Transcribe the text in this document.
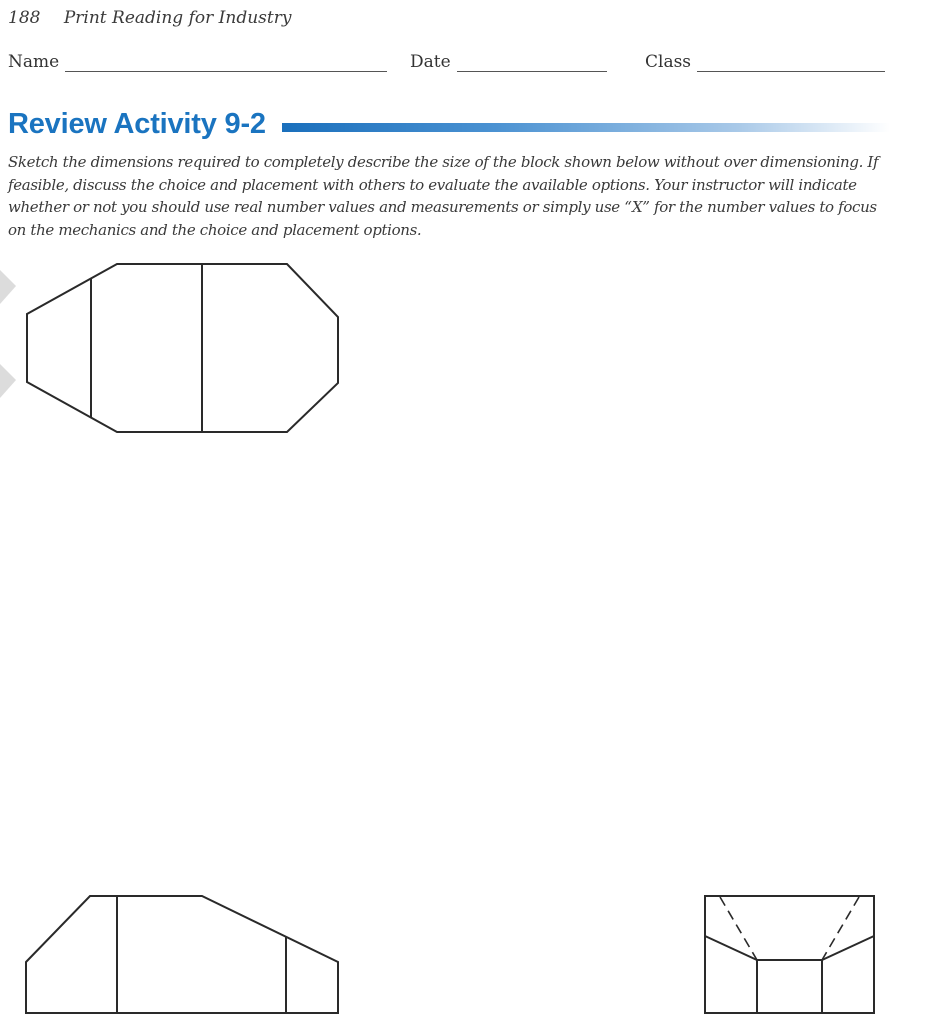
188 Print Reading for Industry
Name	Date	Class
Review Activity 9-2
Sketch the dimensions required to completely describe the size of the block shown below without over dimensioning. If feasible, discuss the choice and placement with others to evaluate the available options. Your instructor will indicate whether or not you should use real number values and measurements or simply use “X” for the number values to focus on the mechanics and the choice and placement options.
